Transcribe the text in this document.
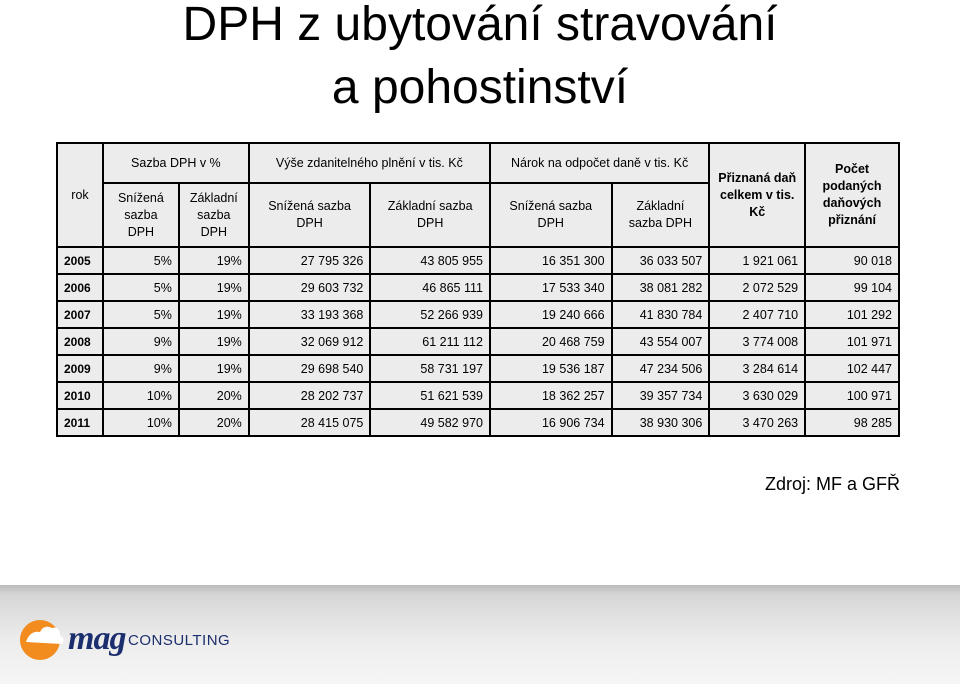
DPH z ubytování stravování
a pohostinství
rok	Sazba DPH v %		Výše zdanitelného plnění v tis. Kč		Nárok na odpočet daně v tis. Kč		Přiznaná daň celkem v tis. Kč	Počet podaných daňových přiznání
	Snížená sazba DPH	Základní sazba DPH	Snížená sazba DPH	Základní sazba DPH	Snížená sazba DPH	Základní sazba DPH		
2005	5%	19%	27 795 326	43 805 955	16 351 300	36 033 507	1 921 061	90 018
2006	5%	19%	29 603 732	46 865 111	17 533 340	38 081 282	2 072 529	99 104
2007	5%	19%	33 193 368	52 266 939	19 240 666	41 830 784	2 407 710	101 292
2008	9%	19%	32 069 912	61 211 112	20 468 759	43 554 007	3 774 008	101 971
2009	9%	19%	29 698 540	58 731 197	19 536 187	47 234 506	3 284 614	102 447
2010	10%	20%	28 202 737	51 621 539	18 362 257	39 357 734	3 630 029	100 971
2011	10%	20%	28 415 075	49 582 970	16 906 734	38 930 306	3 470 263	98 285
Zdroj: MF a GFŘ
mag CONSULTING
